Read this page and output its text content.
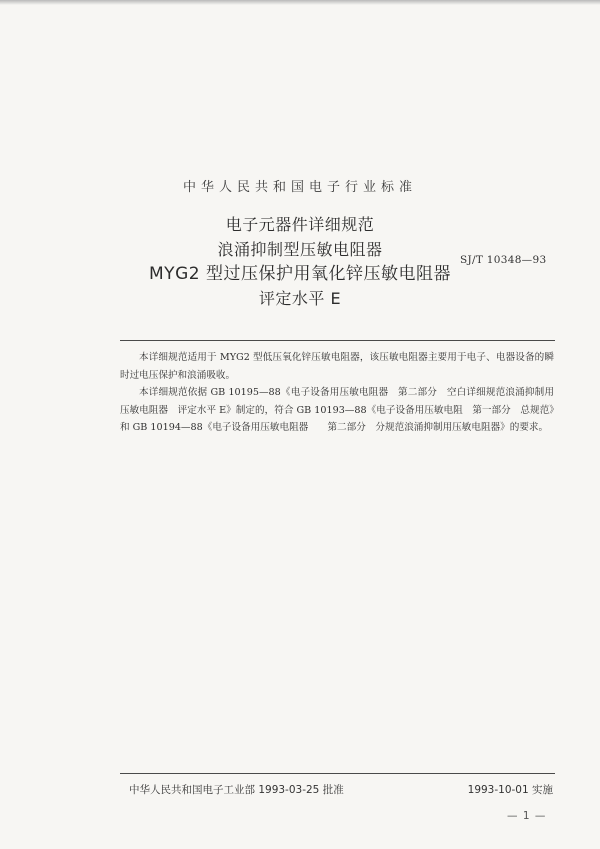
中华人民共和国电子行业标准
电子元器件详细规范
浪涌抑制型压敏电阻器
MYG2 型过压保护用氧化锌压敏电阻器
评定水平 E
SJ/T 10348—93

本详细规范适用于 MYG2 型低压氧化锌压敏电阻器，该压敏电阻器主要用于电子、电器设备的瞬时过电压保护和浪涌吸收。

本详细规范依据 GB 10195—88《电子设备用压敏电阻器　第二部分　空白详细规范浪涌抑制用压敏电阻器　评定水平 E》制定的，符合 GB 10193—88《电子设备用压敏电阻　第一部分　总规范》和 GB 10194—88《电子设备用压敏电阻器　　第二部分　分规范浪涌抑制用压敏电阻器》的要求。

中华人民共和国电子工业部 1993-03-25 批准	1993-10-01 实施
— 1 —
